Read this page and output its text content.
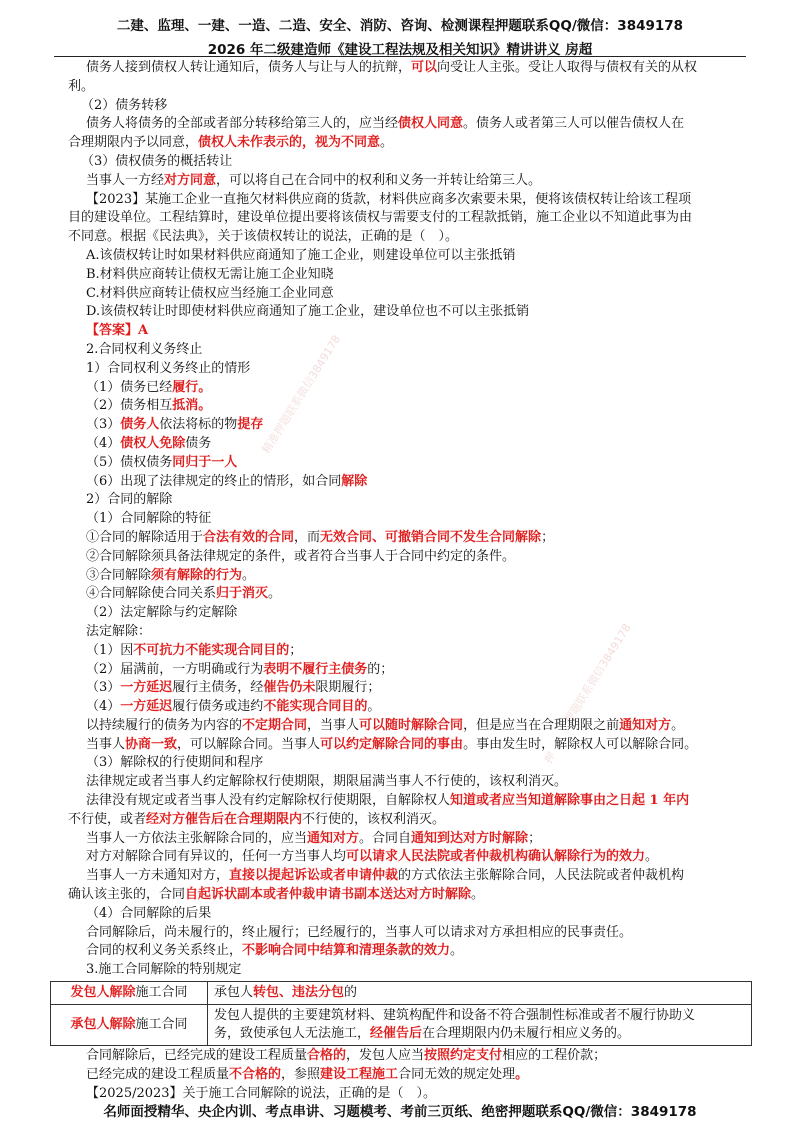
二建、监理、一建、一造、二造、安全、消防、咨询、检测课程押题联系QQ/微信：3849178
2026 年二级建造师《建设工程法规及相关知识》精讲讲义 房超
精准押题联系微信3849178
押题联系微信3849178
押
债务人接到债权人转让通知后，债务人与让与人的抗辩，可以向受让人主张。受让人取得与债权有关的从权
利。
（2）债务转移
债务人将债务的全部或者部分转移给第三人的，应当经债权人同意。债务人或者第三人可以催告债权人在
合理期限内予以同意，债权人未作表示的，视为不同意。
（3）债权债务的概括转让
当事人一方经对方同意，可以将自己在合同中的权利和义务一并转让给第三人。
【2023】某施工企业一直拖欠材料供应商的货款，材料供应商多次索要未果，便将该债权转让给该工程项
目的建设单位。工程结算时，建设单位提出要将该债权与需要支付的工程款抵销，施工企业以不知道此事为由
不同意。根据《民法典》，关于该债权转让的说法，正确的是（　）。
A.该债权转让时如果材料供应商通知了施工企业，则建设单位可以主张抵销
B.材料供应商转让债权无需让施工企业知晓
C.材料供应商转让债权应当经施工企业同意
D.该债权转让时即使材料供应商通知了施工企业，建设单位也不可以主张抵销
【答案】A
2.合同权利义务终止
1）合同权利义务终止的情形
（1）债务已经履行。
（2）债务相互抵消。
（3）债务人依法将标的物提存
（4）债权人免除债务
（5）债权债务同归于一人
（6）出现了法律规定的终止的情形，如合同解除
2）合同的解除
（1）合同解除的特征
①合同的解除适用于合法有效的合同，而无效合同、可撤销合同不发生合同解除；
②合同解除须具备法律规定的条件，或者符合当事人于合同中约定的条件。
③合同解除须有解除的行为。
④合同解除使合同关系归于消灭。
（2）法定解除与约定解除
法定解除：
（1）因不可抗力不能实现合同目的；
（2）届满前，一方明确或行为表明不履行主债务的；
（3）一方延迟履行主债务，经催告仍未限期履行；
（4）一方延迟履行债务或违约不能实现合同目的。
以持续履行的债务为内容的不定期合同，当事人可以随时解除合同，但是应当在合理期限之前通知对方。
当事人协商一致，可以解除合同。当事人可以约定解除合同的事由。事由发生时，解除权人可以解除合同。
（3）解除权的行使期间和程序
法律规定或者当事人约定解除权行使期限，期限届满当事人不行使的，该权利消灭。
法律没有规定或者当事人没有约定解除权行使期限，自解除权人知道或者应当知道解除事由之日起 1 年内
不行使，或者经对方催告后在合理期限内不行使的，该权利消灭。
当事人一方依法主张解除合同的，应当通知对方。合同自通知到达对方时解除；
对方对解除合同有异议的，任何一方当事人均可以请求人民法院或者仲裁机构确认解除行为的效力。
当事人一方未通知对方，直接以提起诉讼或者申请仲裁的方式依法主张解除合同，人民法院或者仲裁机构
确认该主张的，合同自起诉状副本或者仲裁申请书副本送达对方时解除。
（4）合同解除的后果
合同解除后，尚未履行的，终止履行；已经履行的，当事人可以请求对方承担相应的民事责任。
合同的权利义务关系终止，不影响合同中结算和清理条款的效力。
3.施工合同解除的特别规定
发包人解除施工合同	承包人转包、违法分包的
承包人解除施工合同	发包人提供的主要建筑材料、建筑构配件和设备不符合强制性标准或者不履行协助义
务，致使承包人无法施工，经催告后在合理期限内仍未履行相应义务的。
合同解除后，已经完成的建设工程质量合格的，发包人应当按照约定支付相应的工程价款；
已经完成的建设工程质量不合格的，参照建设工程施工合同无效的规定处理。
【2025/2023】关于施工合同解除的说法，正确的是（　）。
名师面授精华、央企内训、考点串讲、习题模考、考前三页纸、绝密押题联系QQ/微信：3849178
